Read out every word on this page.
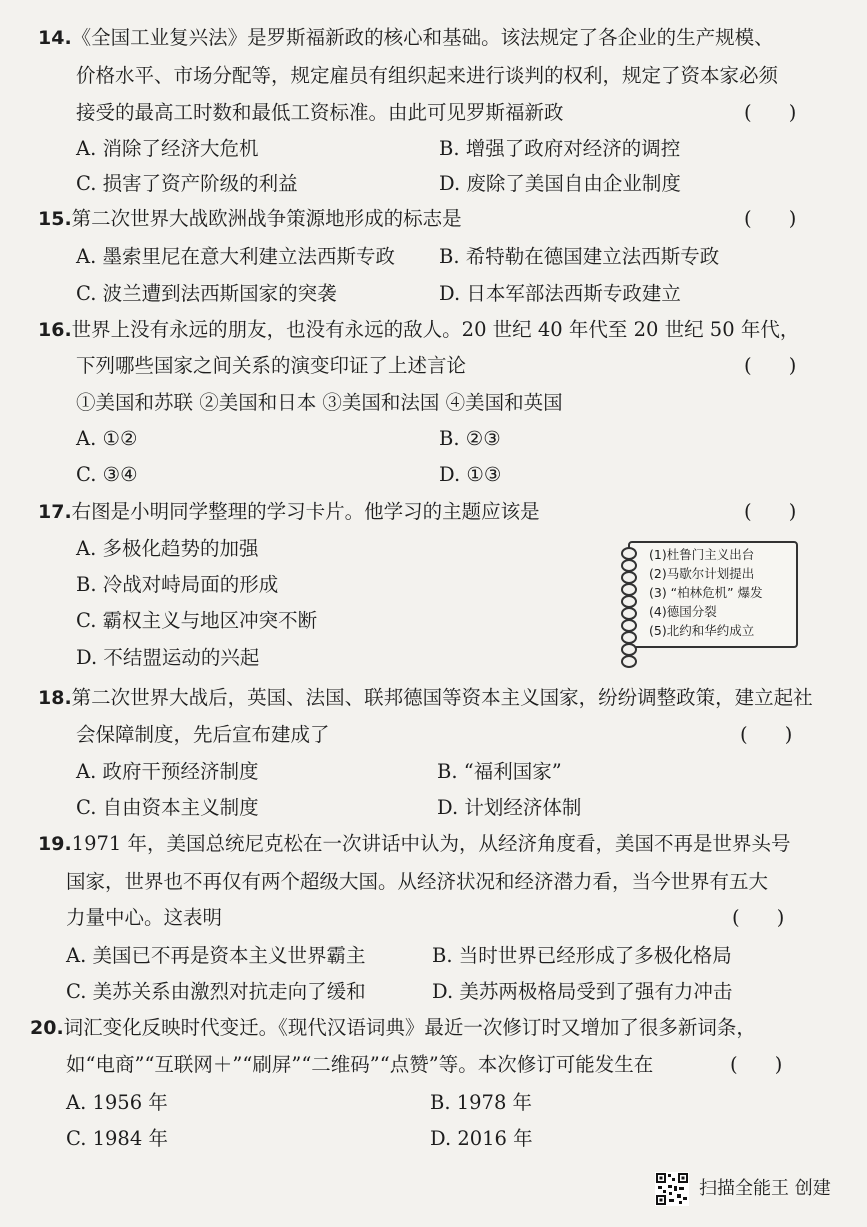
14.《全国工业复兴法》是罗斯福新政的核心和基础。该法规定了各企业的生产规模、
价格水平、市场分配等，规定雇员有组织起来进行谈判的权利，规定了资本家必须
接受的最高工时数和最低工资标准。由此可见罗斯福新政	(      )
A. 消除了经济大危机	B. 增强了政府对经济的调控
C. 损害了资产阶级的利益	D. 废除了美国自由企业制度
15.第二次世界大战欧洲战争策源地形成的标志是	(      )
A. 墨索里尼在意大利建立法西斯专政 B. 希特勒在德国建立法西斯专政
C. 波兰遭到法西斯国家的突袭	D. 日本军部法西斯专政建立
16.世界上没有永远的朋友，也没有永远的敌人。20 世纪 40 年代至 20 世纪 50 年代，
下列哪些国家之间关系的演变印证了上述言论	(      )
①美国和苏联 ②美国和日本 ③美国和法国 ④美国和英国
A. ①②	B. ②③
C. ③④	D. ①③
17.右图是小明同学整理的学习卡片。他学习的主题应该是	(      )
A. 多极化趋势的加强
B. 冷战对峙局面的形成
C. 霸权主义与地区冲突不断
D. 不结盟运动的兴起
(1)杜鲁门主义出台
(2)马歇尔计划提出
(3) “柏林危机” 爆发
(4)德国分裂
(5)北约和华约成立
18.第二次世界大战后，英国、法国、联邦德国等资本主义国家，纷纷调整政策，建立起社
会保障制度，先后宣布建成了	(      )
A. 政府干预经济制度	B. “福利国家”
C. 自由资本主义制度	D. 计划经济体制
19.1971 年，美国总统尼克松在一次讲话中认为，从经济角度看，美国不再是世界头号
国家，世界也不再仅有两个超级大国。从经济状况和经济潜力看，当今世界有五大
力量中心。这表明	(      )
A. 美国已不再是资本主义世界霸主	B. 当时世界已经形成了多极化格局
C. 美苏关系由激烈对抗走向了缓和	D. 美苏两极格局受到了强有力冲击
20.词汇变化反映时代变迁。《现代汉语词典》最近一次修订时又增加了很多新词条，
如“电商”“互联网＋”“刷屏”“二维码”“点赞”等。本次修订可能发生在	(      )
A. 1956 年	B. 1978 年
C. 1984 年	D. 2016 年
扫描全能王 创建
